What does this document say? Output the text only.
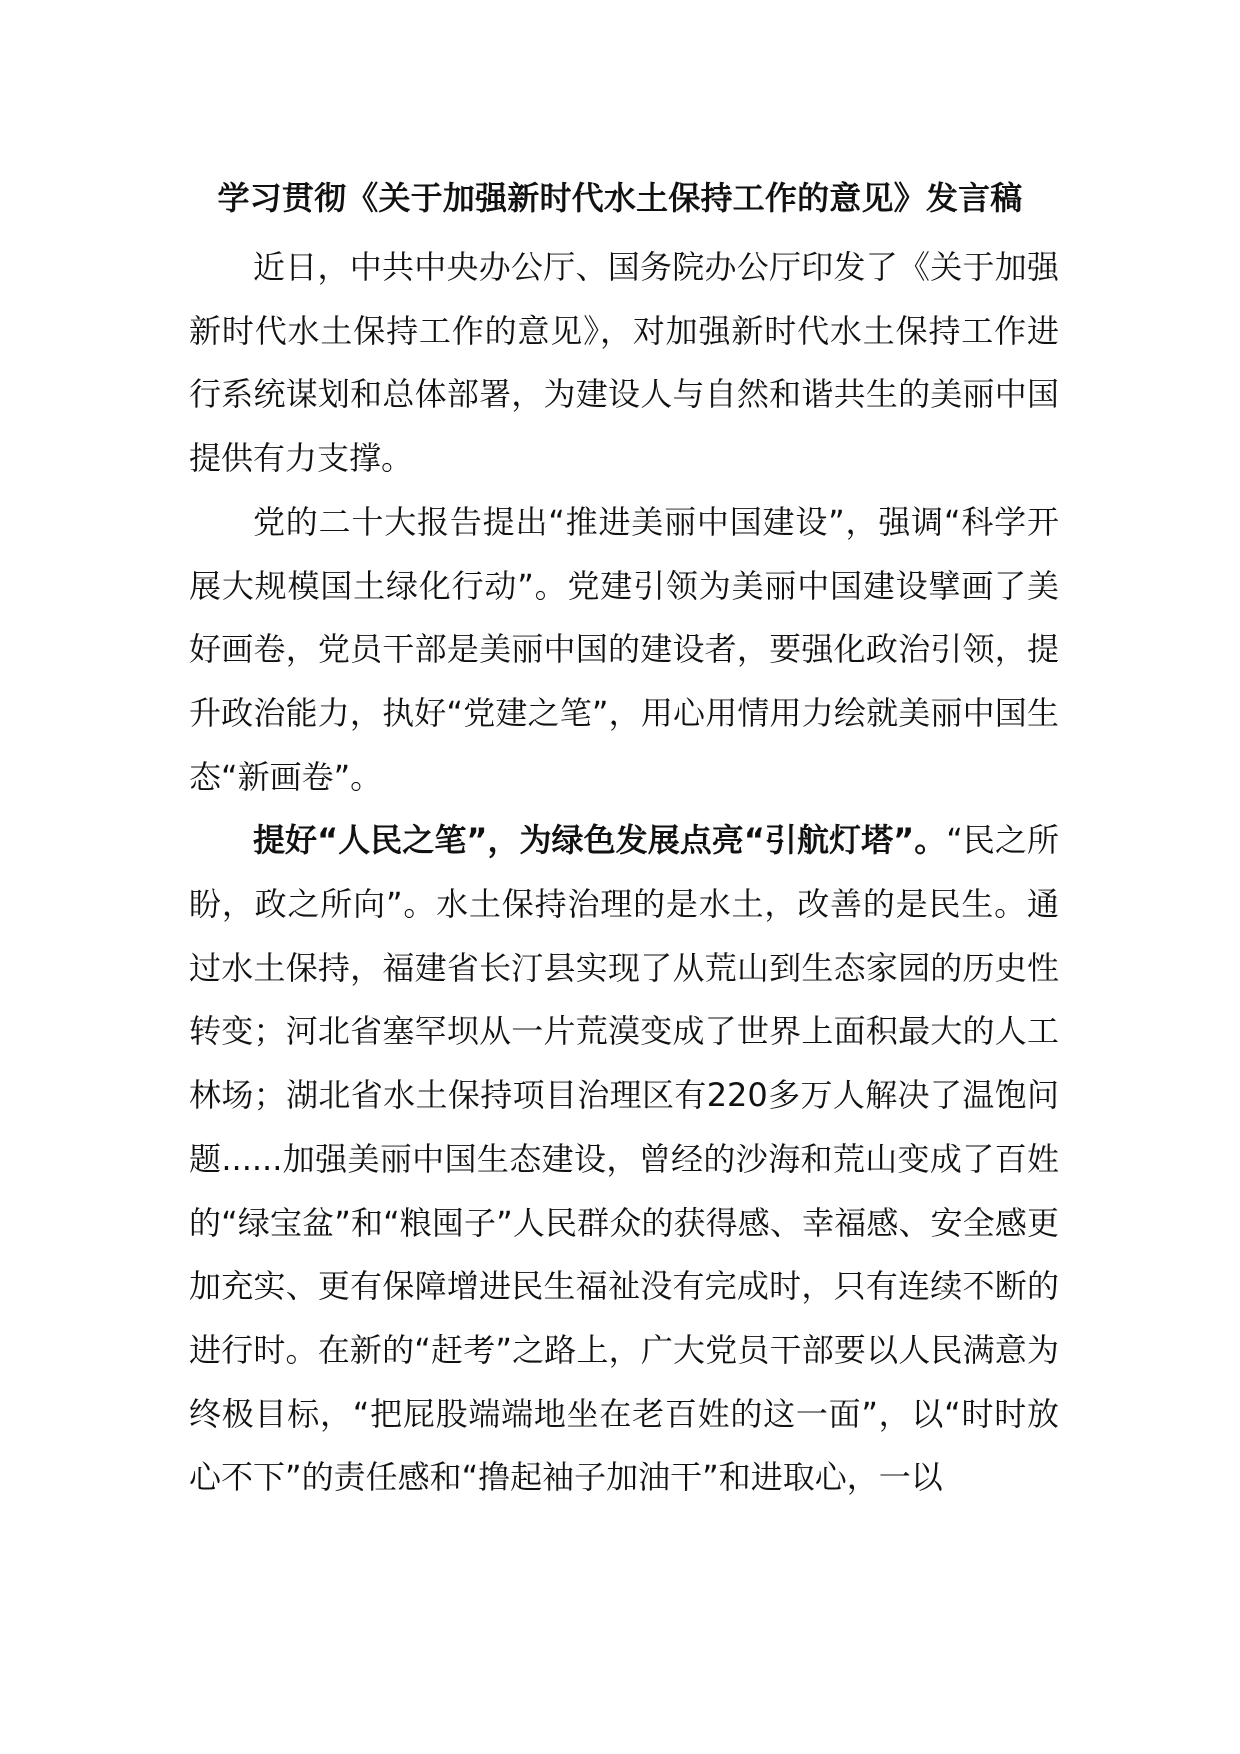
学习贯彻《关于加强新时代水土保持工作的意见》发言稿

近日，中共中央办公厅、国务院办公厅印发了《关于加强新时代水土保持工作的意见》，对加强新时代水土保持工作进行系统谋划和总体部署，为建设人与自然和谐共生的美丽中国提供有力支撑。

党的二十大报告提出“推进美丽中国建设”，强调“科学开展大规模国土绿化行动”。党建引领为美丽中国建设擘画了美好画卷，党员干部是美丽中国的建设者，要强化政治引领，提升政治能力，执好“党建之笔”，用心用情用力绘就美丽中国生态“新画卷”。

提好“人民之笔”，为绿色发展点亮“引航灯塔”。“民之所盼，政之所向”。水土保持治理的是水土，改善的是民生。通过水土保持，福建省长汀县实现了从荒山到生态家园的历史性转变；河北省塞罕坝从一片荒漠变成了世界上面积最大的人工林场；湖北省水土保持项目治理区有220多万人解决了温饱问题......加强美丽中国生态建设，曾经的沙海和荒山变成了百姓的“绿宝盆”和“粮囤子”人民群众的获得感、幸福感、安全感更加充实、更有保障增进民生福祉没有完成时，只有连续不断的进行时。在新的“赶考”之路上，广大党员干部要以人民满意为终极目标，“把屁股端端地坐在老百姓的这一面”，以“时时放心不下”的责任感和“撸起袖子加油干”和进取心，一以
